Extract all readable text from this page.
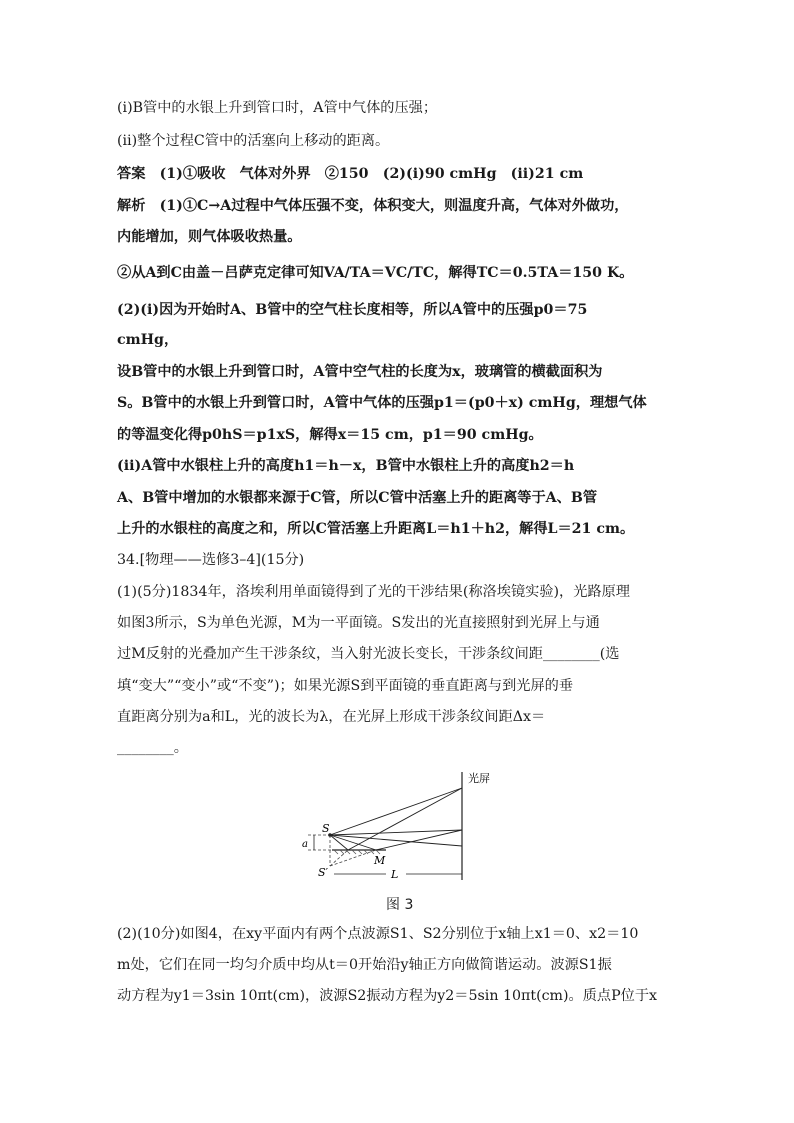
(ⅰ)B管中的水银上升到管口时，A管中气体的压强；
(ⅱ)整个过程C管中的活塞向上移动的距离。
答案　(1)①吸收　气体对外界　②150　(2)(ⅰ)90 cmHg　(ⅱ)21 cm
解析　(1)①C→A过程中气体压强不变，体积变大，则温度升高，气体对外做功，
内能增加，则气体吸收热量。
②从A到C由盖－吕萨克定律可知VA/TA＝VC/TC，解得TC＝0.5TA＝150 K。
(2)(ⅰ)因为开始时A、B管中的空气柱长度相等，所以A管中的压强p0＝75
cmHg，
设B管中的水银上升到管口时，A管中空气柱的长度为x，玻璃管的横截面积为
S。B管中的水银上升到管口时，A管中气体的压强p1＝(p0＋x) cmHg，理想气体
的等温变化得p0hS＝p1xS，解得x＝15 cm，p1＝90 cmHg。
(ⅱ)A管中水银柱上升的高度h1＝h－x，B管中水银柱上升的高度h2＝h
A、B管中增加的水银都来源于C管，所以C管中活塞上升的距离等于A、B管
上升的水银柱的高度之和，所以C管活塞上升距离L＝h1＋h2，解得L＝21 cm。
34.[物理——选修3–4](15分)
(1)(5分)1834年，洛埃利用单面镜得到了光的干涉结果(称洛埃镜实验)，光路原理
如图3所示，S为单色光源，M为一平面镜。S发出的光直接照射到光屏上与通
过M反射的光叠加产生干涉条纹，当入射光波长变长，干涉条纹间距________(选
填“变大”“变小”或“不变”)；如果光源S到平面镜的垂直距离与到光屏的垂
直距离分别为a和L，光的波长为λ，在光屏上形成干涉条纹间距Δx＝
________。
光屏
a
S
S′
M
L
图 3
(2)(10分)如图4，在xy平面内有两个点波源S1、S2分别位于x轴上x1＝0、x2＝10
m处，它们在同一均匀介质中均从t＝0开始沿y轴正方向做简谐运动。波源S1振
动方程为y1＝3sin 10πt(cm)，波源S2振动方程为y2＝5sin 10πt(cm)。质点P位于x
